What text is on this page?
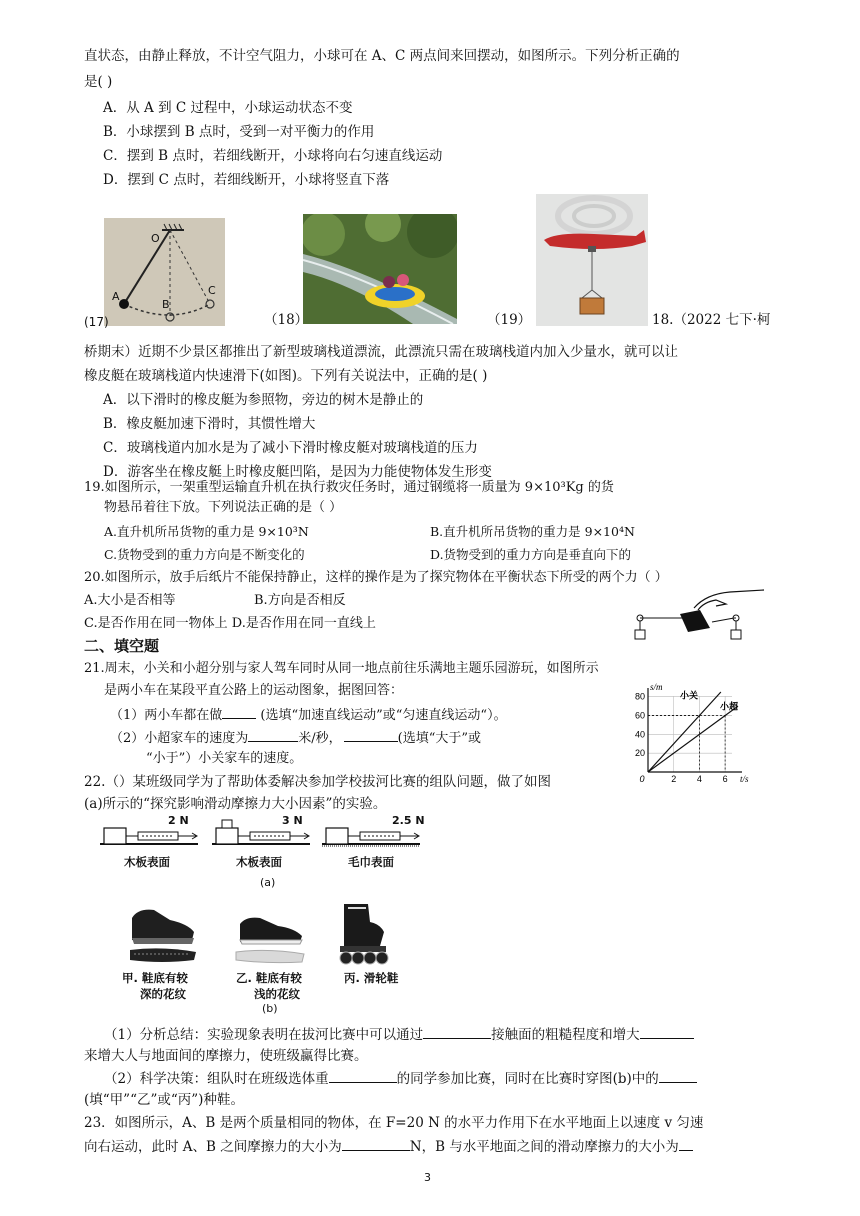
直状态，由静止释放，不计空气阻力，小球可在 A、C 两点间来回摆动，如图所示。下列分析正确的
是( )
A．从 A 到 C 过程中，小球运动状态不变
B．小球摆到 B 点时，受到一对平衡力的作用
C．摆到 B 点时，若细线断开，小球将向右匀速直线运动
D．摆到 C 点时，若细线断开，小球将竖直下落
O
A
B
C
(17)	（18）	（19）	18.（2022 七下·柯
桥期末）近期不少景区都推出了新型玻璃栈道漂流，此漂流只需在玻璃栈道内加入少量水，就可以让
橡皮艇在玻璃栈道内快速滑下(如图)。下列有关说法中，正确的是( )
A．以下滑时的橡皮艇为参照物，旁边的树木是静止的
B．橡皮艇加速下滑时，其惯性增大
C．玻璃栈道内加水是为了减小下滑时橡皮艇对玻璃栈道的压力
D．游客坐在橡皮艇上时橡皮艇凹陷，是因为力能使物体发生形变
19.如图所示，一架重型运输直升机在执行救灾任务时，通过钢缆将一质量为 9×10³Kg 的货
物悬吊着往下放。下列说法正确的是（ ）
A.直升机所吊货物的重力是 9×10³N	B.直升机所吊货物的重力是 9×10⁴N
C.货物受到的重力方向是不断变化的	D.货物受到的重力方向是垂直向下的
20.如图所示，放手后纸片不能保持静止，这样的操作是为了探究物体在平衡状态下所受的两个力（ ）
A.大小是否相等	B.方向是否相反
C.是否作用在同一物体上 D.是否作用在同一直线上
二、填空题
21.周末，小关和小超分别与家人驾车同时从同一地点前往乐满地主题乐园游玩，如图所示
是两小车在某段平直公路上的运动图象，据图回答：
（1）两小车都在做	(选填“加速直线运动”或“匀速直线运动“）。
（2）小超家车的速度为	米/秒，	(选填“大于”或
“小于”）小关家车的速度。	20
40
60
80
0	2 4 6 t/s
s/m
小关
小超
22.（）某班级同学为了帮助体委解决参加学校拔河比赛的组队问题，做了如图
(a)所示的“探究影响滑动摩擦力大小因素”的实验。
2 N	3 N	2.5 N
木板表面	木板表面	毛巾表面
(a)
甲. 鞋底有较
深的花纹
乙. 鞋底有较
浅的花纹
丙. 滑轮鞋
(b)
（1）分析总结：实验现象表明在拔河比赛中可以通过	接触面的粗糙程度和增大
来增大人与地面间的摩擦力，使班级赢得比赛。
（2）科学决策：组队时在班级选体重	的同学参加比赛，同时在比赛时穿图(b)中的
(填“甲”“乙”或“丙”)种鞋。
23．如图所示，A、B 是两个质量相同的物体，在 F=20 N 的水平力作用下在水平地面上以速度 v 匀速
向右运动，此时 A、B 之间摩擦力的大小为	N，B 与水平地面之间的滑动摩擦力的大小为
3
